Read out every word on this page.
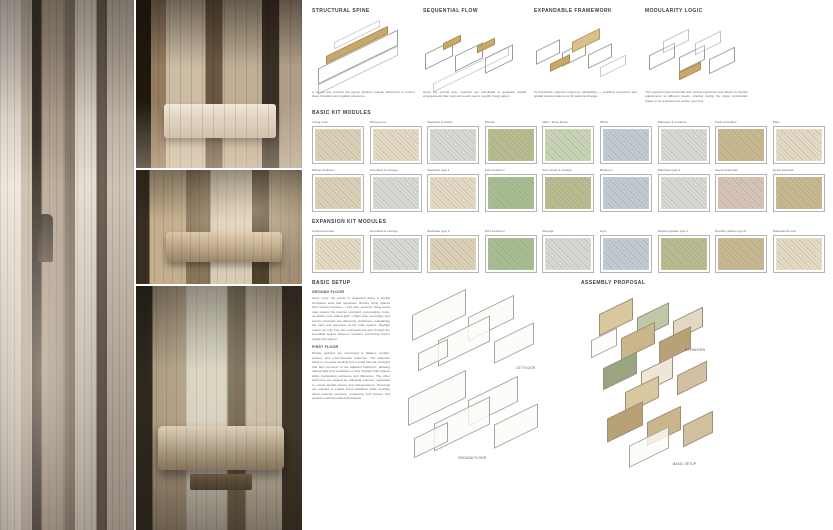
STRUCTURAL SPINE
A central axis anchors the layout, guiding modular placement to ensure clear circulation and spatial coherence.
SEQUENTIAL FLOW
Along the central axis, modules are articulated to generate spatial arrangements that respond to each user's specific living pattern.
EXPANDABLE FRAMEWORK
Its framework supports long-term adaptability — enabling extensions and spatial transformations as life patterns change.
MODULARITY LOGIC
This supports both horizontal and vertical expansion and allows for flexible adjustments to different needs, whether during the initial construction phase or as requirements evolve over time.
BASIC KIT MODULES
Living room	Dining room	Staircase & books	Kitchen	Main / Drive Room	Office	Staircase & entrance	Patio amenities	Patio
Master bedroom	Amenities & storage	Staircase type 1	Kid's bedroom	Kid's study & storage	Bedroom	Staircase type 2	Guest amenities	Guest bedroom
EXPANSION KIT MODULES
Covered terrace	Amenities & storage	Staircase type 3	Kid's bedroom	Storage	Gym	Rooftop garden type 4	Rooftop garden type 8	Solarpanels roof
BASIC SETUP
GROUND FLOOR
Upon entry, the house is organised along a central circulation area that separates primary living spaces from service functions. • Left side: services, living areas open toward the internal courtyard, encouraging cross-ventilation and natural light. • Right side: secondary and service functions are discreetly positioned, maintaining the calm and openness of the main spaces. Daylight enters not only from the courtyards but also through the interstitial spaces between modules, enhancing interior quality throughout.
FIRST FLOOR
Private quarters are composed to balance comfort, privacy, and environmental response. The staircase leads to an upper landing and a small internal courtyard that also connects to the adjacent bathroom, allowing natural light and ventilation to flow through both spaces while maintaining enclosure and discretion. The other bedrooms are treated as individual volumes, separated to ensure spatial privacy and independence. Openings are oriented to enable cross-ventilation while avoiding direct external exposure, enhancing both privacy and passive environmental performance.
1ST FLOOR
GROUND FLOOR
ASSEMBLY PROPOSAL
EXPANSION
BASIC SETUP
